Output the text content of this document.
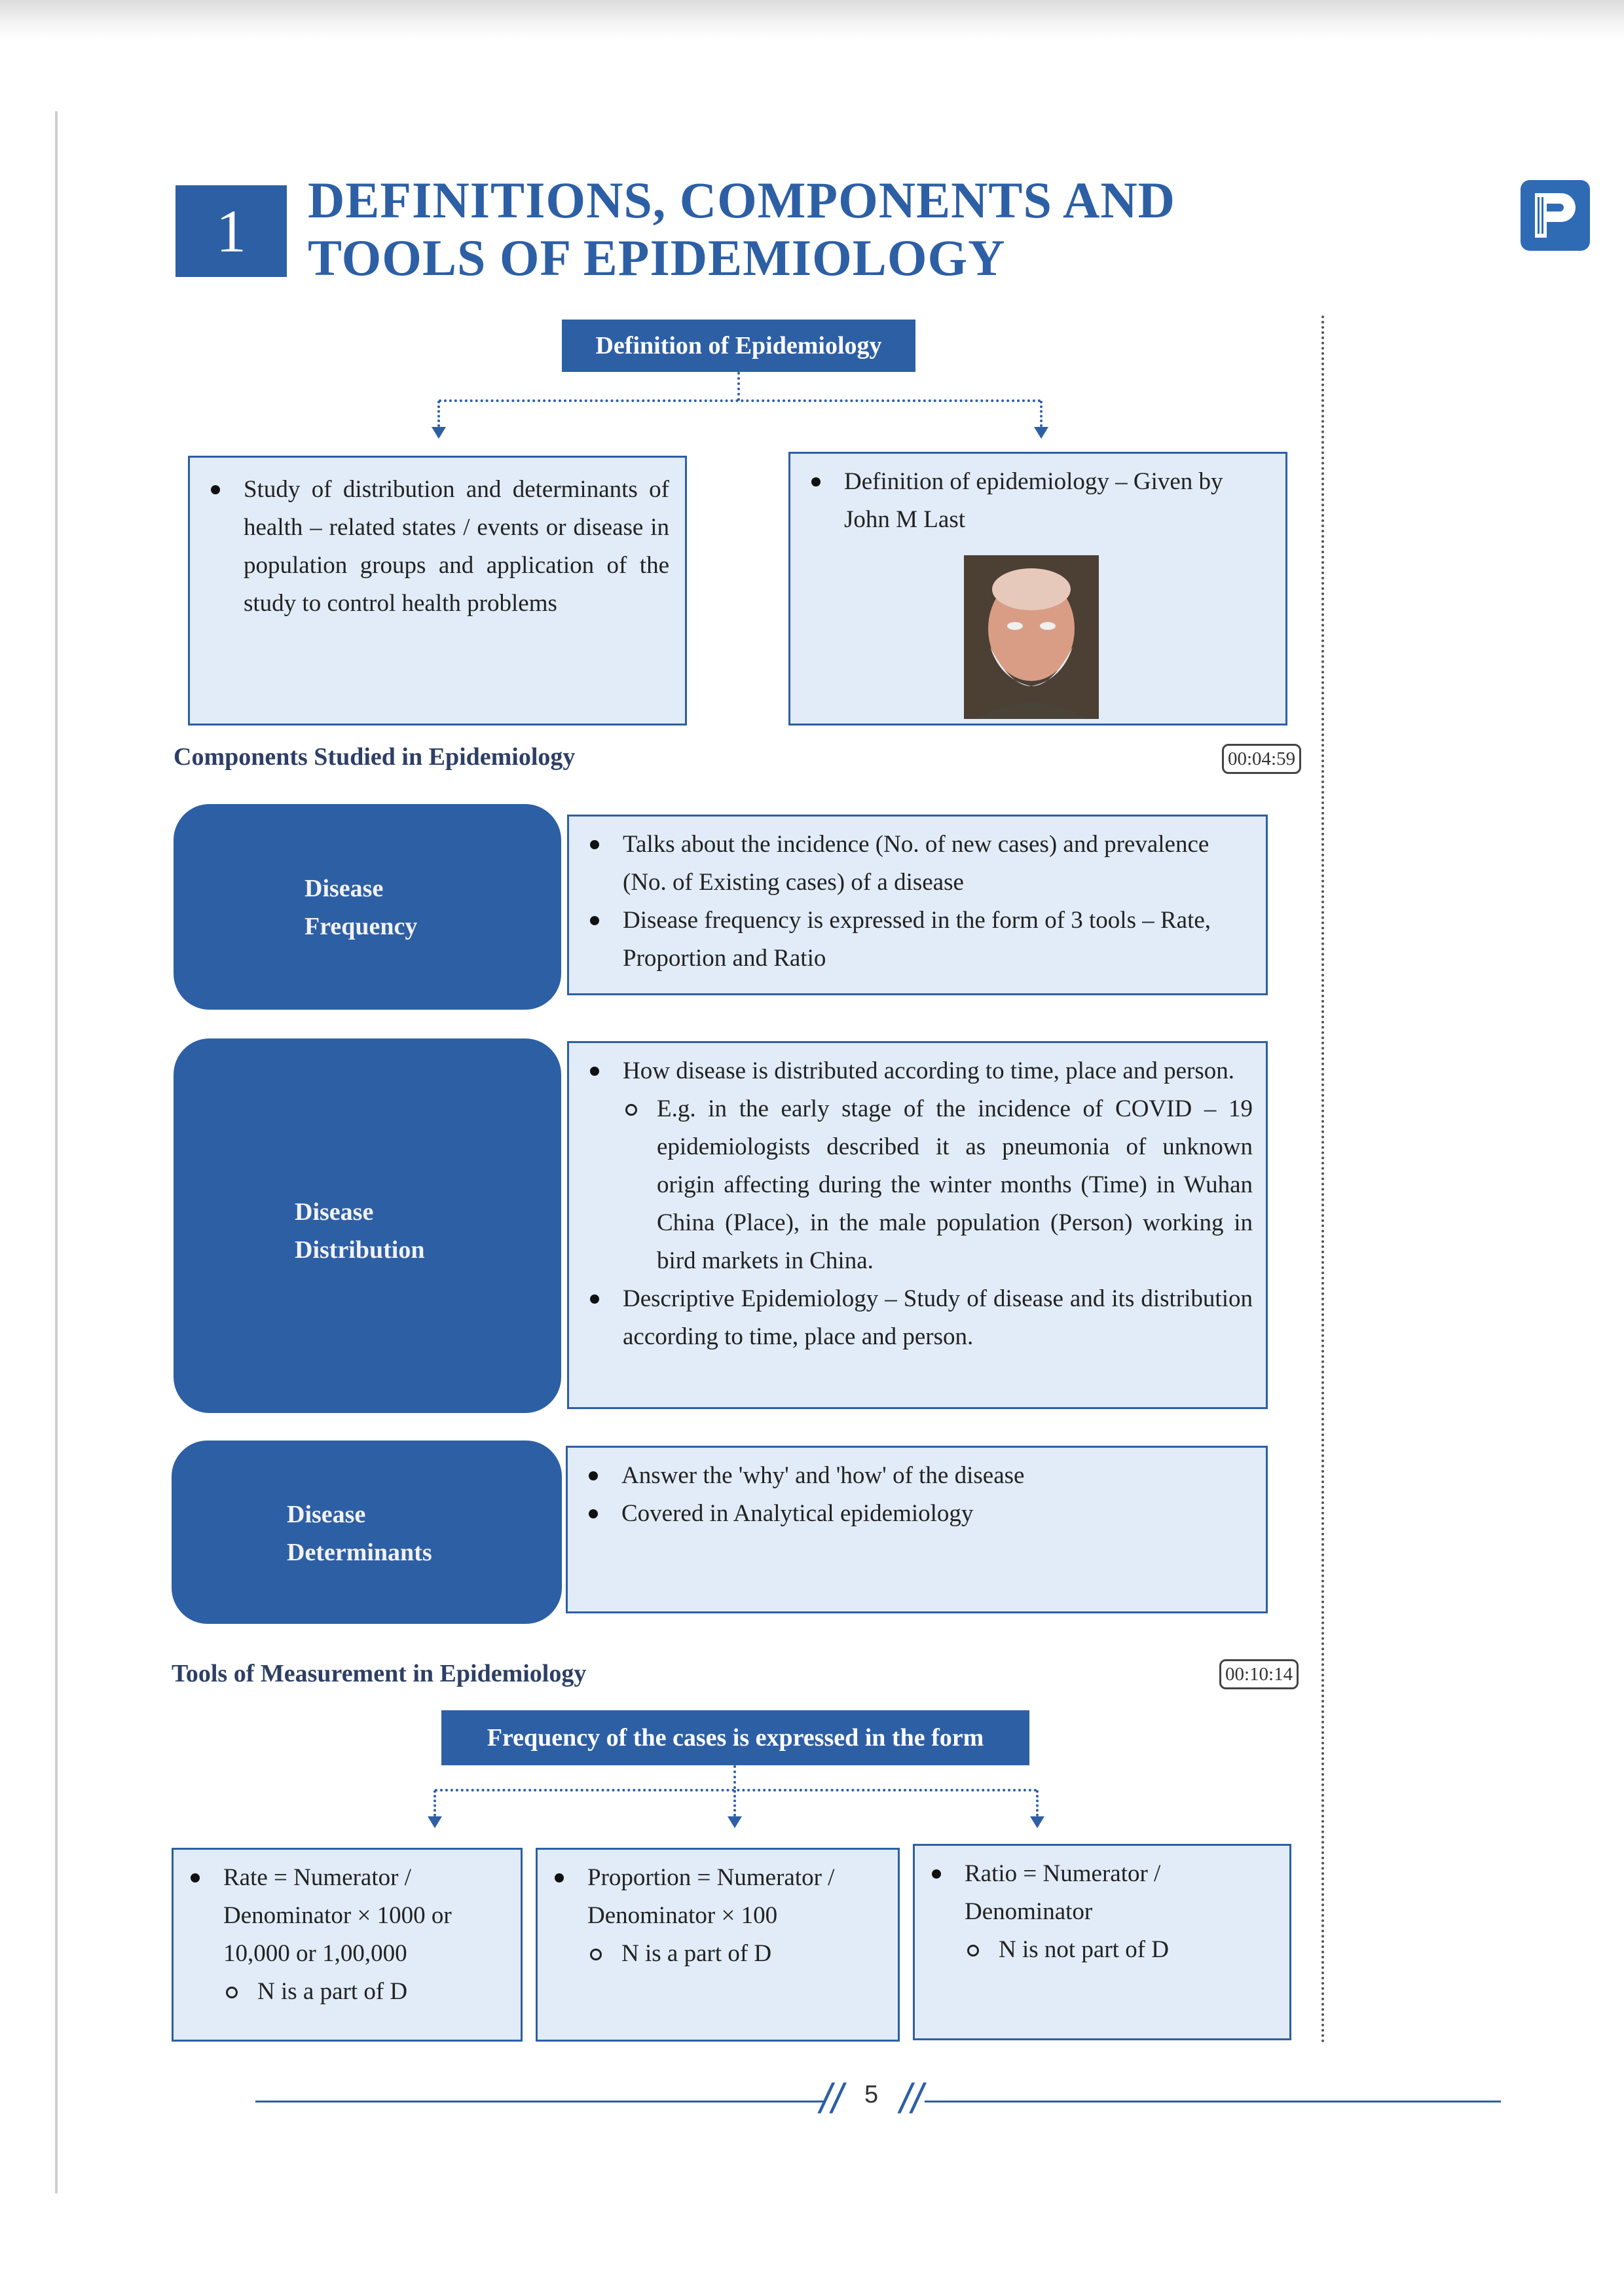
1	DEFINITIONS, COMPONENTS AND
TOOLS OF EPIDEMIOLOGY
Definition of Epidemiology
Study of distribution and determinants of health – related states / events or disease in population groups and application of the study to control health problems
Definition of epidemiology – Given by John M Last
Components Studied in Epidemiology	00:04:59
Disease
Frequency
Talks about the incidence (No. of new cases) and prevalence (No. of Existing cases) of a disease
Disease frequency is expressed in the form of 3 tools – Rate, Proportion and Ratio
Disease
Distribution
How disease is distributed according to time, place and person.
E.g. in the early stage of the incidence of COVID – 19 epidemiologists described it as pneumonia of unknown origin affecting during the winter months (Time) in Wuhan China (Place), in the male population (Person) working in bird markets in China.
Descriptive Epidemiology – Study of disease and its distribution according to time, place and person.
Disease
Determinants
Answer the 'why' and 'how' of the disease
Covered in Analytical epidemiology
Tools of Measurement in Epidemiology	00:10:14
Frequency of the cases is expressed in the form
Rate = Numerator / Denominator × 1000 or 10,000 or 1,00,000
N is a part of D
Proportion = Numerator / Denominator × 100
N is a part of D
Ratio = Numerator / Denominator
N is not part of D
// 5 //
